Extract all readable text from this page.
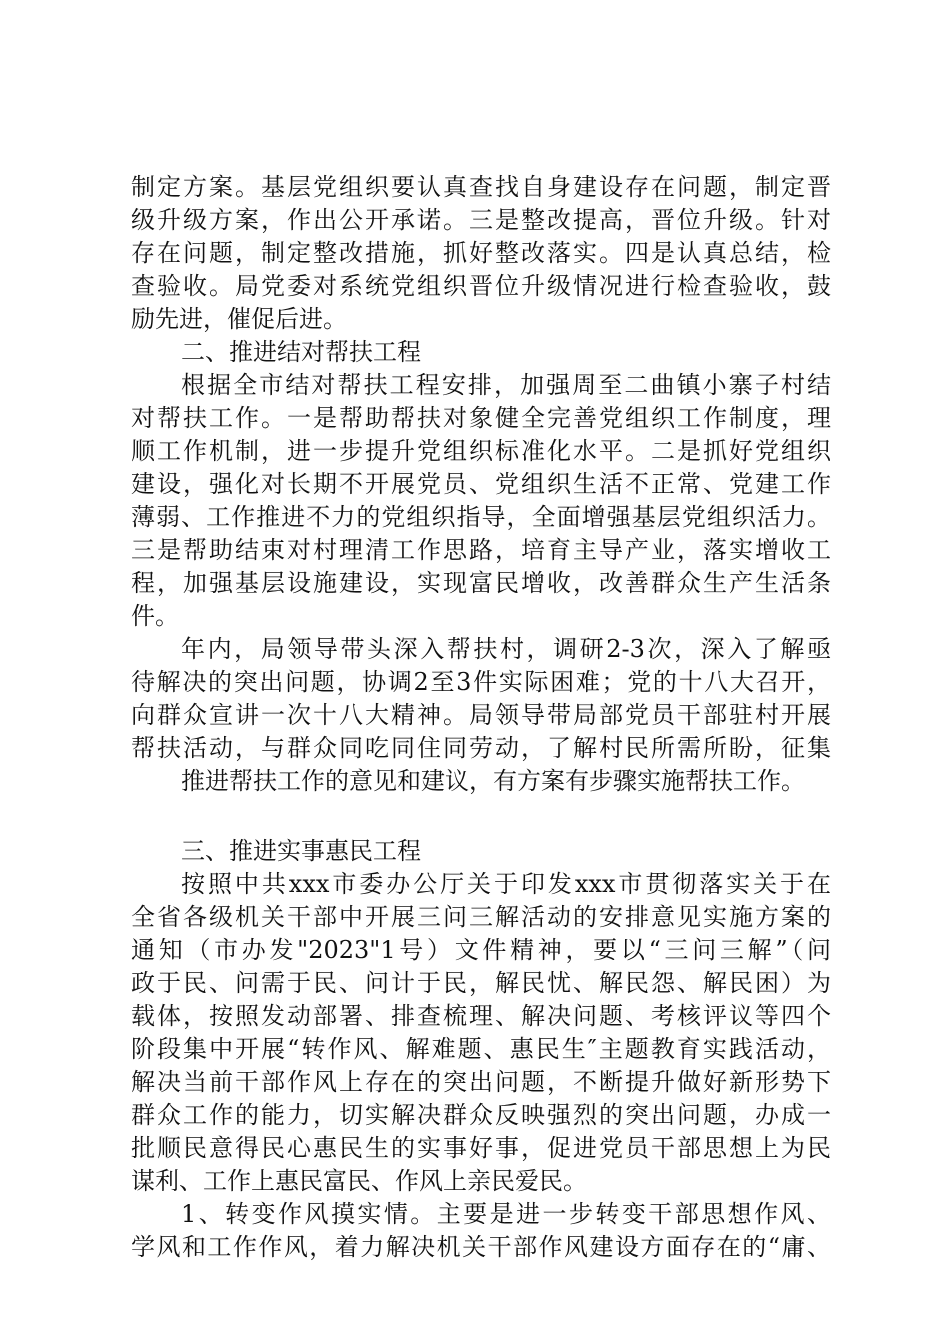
制定方案。基层党组织要认真查找自身建设存在问题，制定晋
级升级方案，作出公开承诺。三是整改提高，晋位升级。针对
存在问题，制定整改措施，抓好整改落实。四是认真总结，检
查验收。局党委对系统党组织晋位升级情况进行检查验收，鼓
励先进，催促后进。
二、推进结对帮扶工程
根据全市结对帮扶工程安排，加强周至二曲镇小寨子村结
对帮扶工作。一是帮助帮扶对象健全完善党组织工作制度，理
顺工作机制，进一步提升党组织标准化水平。二是抓好党组织
建设，强化对长期不开展党员、党组织生活不正常、党建工作
薄弱、工作推进不力的党组织指导，全面增强基层党组织活力。
三是帮助结束对村理清工作思路，培育主导产业，落实增收工
程，加强基层设施建设，实现富民增收，改善群众生产生活条
件。
年内，局领导带头深入帮扶村，调研2-3次，深入了解亟
待解决的突出问题，协调2至3件实际困难；党的十八大召开，
向群众宣讲一次十八大精神。局领导带局部党员干部驻村开展
帮扶活动，与群众同吃同住同劳动，了解村民所需所盼，征集
推进帮扶工作的意见和建议，有方案有步骤实施帮扶工作。
三、推进实事惠民工程
按照中共xxx市委办公厅关于印发xxx市贯彻落实关于在
全省各级机关干部中开展三问三解活动的安排意见实施方案的
通知（市办发"2023"1号）文件精神，要以“三问三解”（问
政于民、问需于民、问计于民，解民忧、解民怨、解民困）为
载体，按照发动部署、排查梳理、解决问题、考核评议等四个
阶段集中开展“转作风、解难题、惠民生″主题教育实践活动，
解决当前干部作风上存在的突出问题，不断提升做好新形势下
群众工作的能力，切实解决群众反映强烈的突出问题，办成一
批顺民意得民心惠民生的实事好事，促进党员干部思想上为民
谋利、工作上惠民富民、作风上亲民爱民。
1、转变作风摸实情。主要是进一步转变干部思想作风、
学风和工作作风，着力解决机关干部作风建设方面存在的“庸、
